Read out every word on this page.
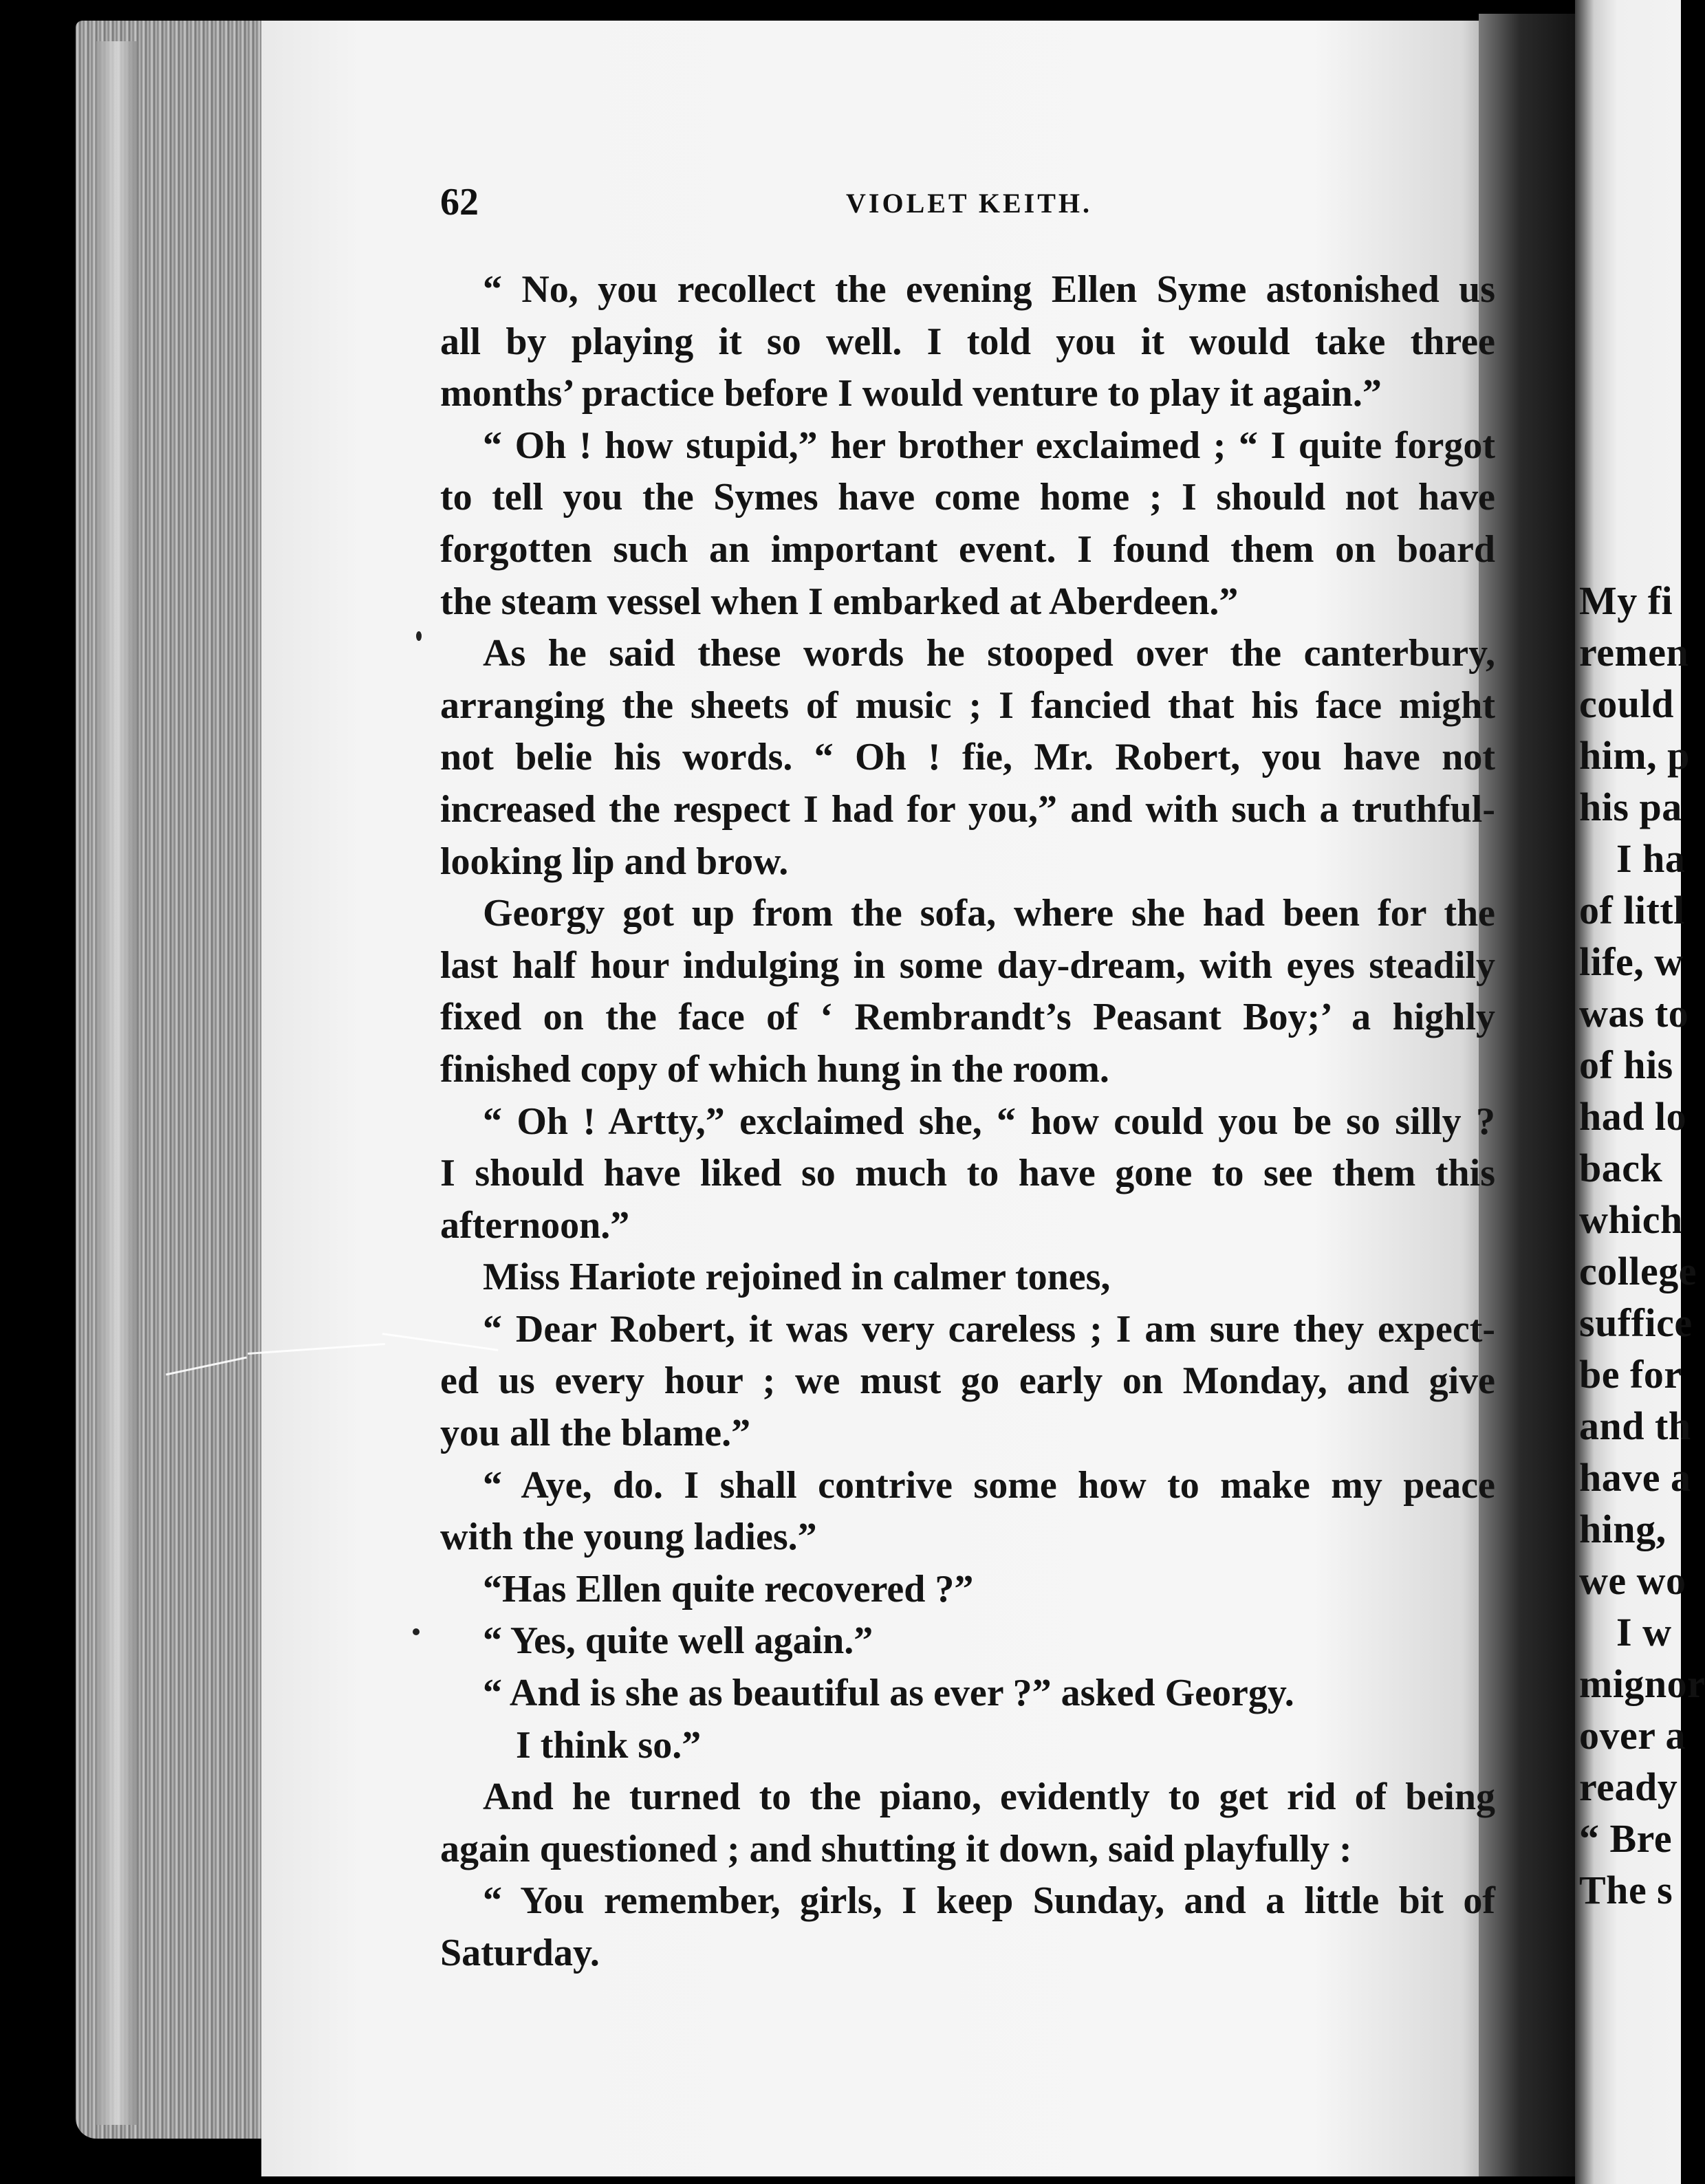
My fi
remen
could
him, p
his pa
I ha
of littl
life, w
was to
of his
had lo
back
which
college
suffice
be for
and th
have a
hing,
we wo
I w
mignor
over a
ready
“ Bre
The s
62	VIOLET KEITH.
“ No, you recollect the evening Ellen Syme astonished us
all by playing it so well. I told you it would take three
months’ practice before I would venture to play it again.”
“ Oh ! how stupid,” her brother exclaimed ; “ I quite forgot
to tell you the Symes have come home ; I should not have
forgotten such an important event. I found them on board
the steam vessel when I embarked at Aberdeen.”
As he said these words he stooped over the canterbury,
arranging the sheets of music ; I fancied that his face might
not belie his words. “ Oh ! fie, Mr. Robert, you have not
increased the respect I had for you,” and with such a truthful-
looking lip and brow.
Georgy got up from the sofa, where she had been for the
last half hour indulging in some day-dream, with eyes steadily
fixed on the face of ‘ Rembrandt’s Peasant Boy;’ a highly
finished copy of which hung in the room.
“ Oh ! Artty,” exclaimed she, “ how could you be so silly ?
I should have liked so much to have gone to see them this
afternoon.”
Miss Hariote rejoined in calmer tones,
“ Dear Robert, it was very careless ; I am sure they expect-
ed us every hour ; we must go early on Monday, and give
you all the blame.”
“ Aye, do. I shall contrive some how to make my peace
with the young ladies.”
“Has Ellen quite recovered ?”
“ Yes, quite well again.”
“ And is she as beautiful as ever ?” asked Georgy.
I think so.”
And he turned to the piano, evidently to get rid of being
again questioned ; and shutting it down, said playfully :
“ You remember, girls, I keep Sunday, and a little bit of
Saturday.
